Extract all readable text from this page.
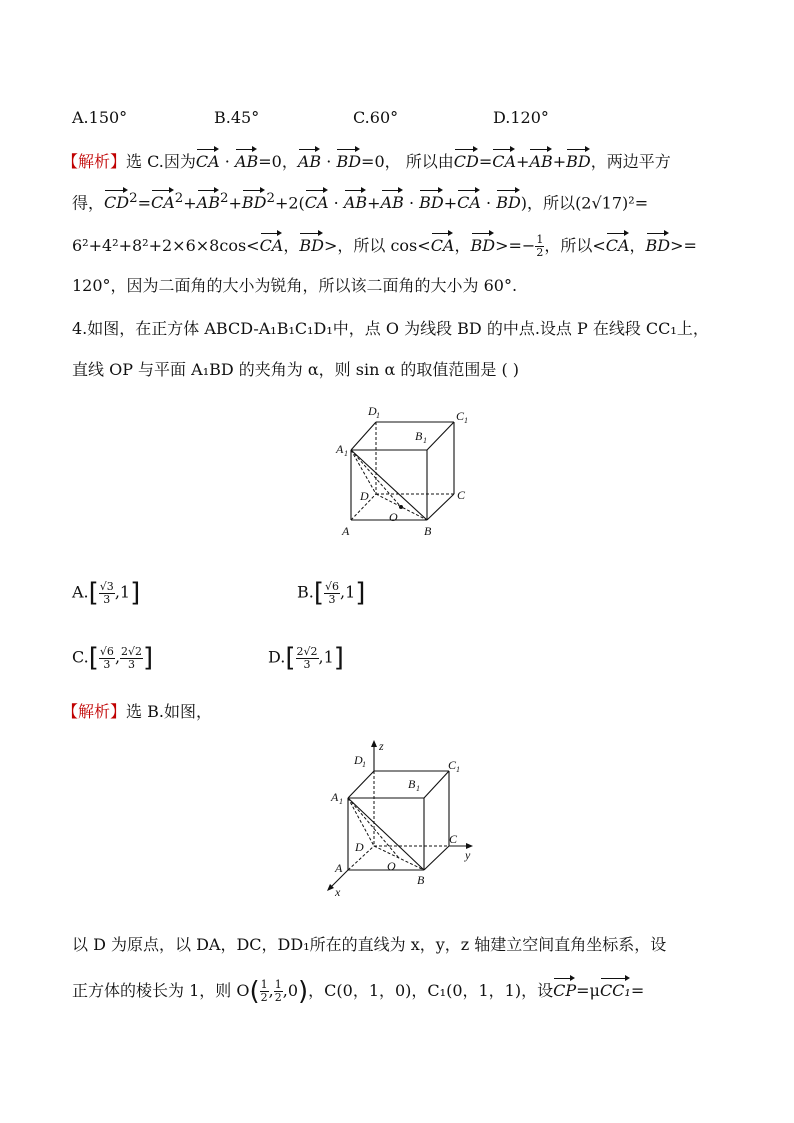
A.150°	B.45°	C.60°	D.120°
【解析】选 C.因为CA · AB=0，AB · BD=0， 所以由CD=CA+AB+BD，两边平方
得，$CD^2=CA^2+AB^2+BD^2+2(CA \cdot AB+AB \cdot BD+CA \cdot BD)$，所以(2√17)²=
6²+4²+8²+2×6×8cos<CA，BD>，所以 cos<CA，$BD>=- \frac{1}{2}$ ，所以<CA，BD>=
120°，因为二面角的大小为锐角，所以该二面角的大小为 60°.
4.如图，在正方体 ABCD-A₁B₁C₁D₁中，点 O 为线段 BD 的中点.设点 P 在线段 CC₁上，
直线 OP 与平面 A₁BD 的夹角为 α，则 sin α 的取值范围是 ( )
D 1	C 1
B 1
A 1
D	C
O
A	B
$A.[ \frac{√3}{3} ,1]$	$B.[ \frac{√6}{3} ,1]$
$C.[ \frac{√6}{3}$ , $\frac{2√2}{3}$ ]	$D.[ \frac{2√2}{3} ,1]$
【解析】选 B.如图，
z
y
x
D 1	C 1
B 1
A 1
D
C
O
A
B
以 D 为原点，以 DA，DC，DD₁所在的直线为 x，y，z 轴建立空间直角坐标系，设
正方体的棱长为 1，则 $O( \frac{1}{2}$ , $\frac{1}{2} ,0$)，C(0，1，0)，C₁(0，1，1)，设CP=μCC₁=
